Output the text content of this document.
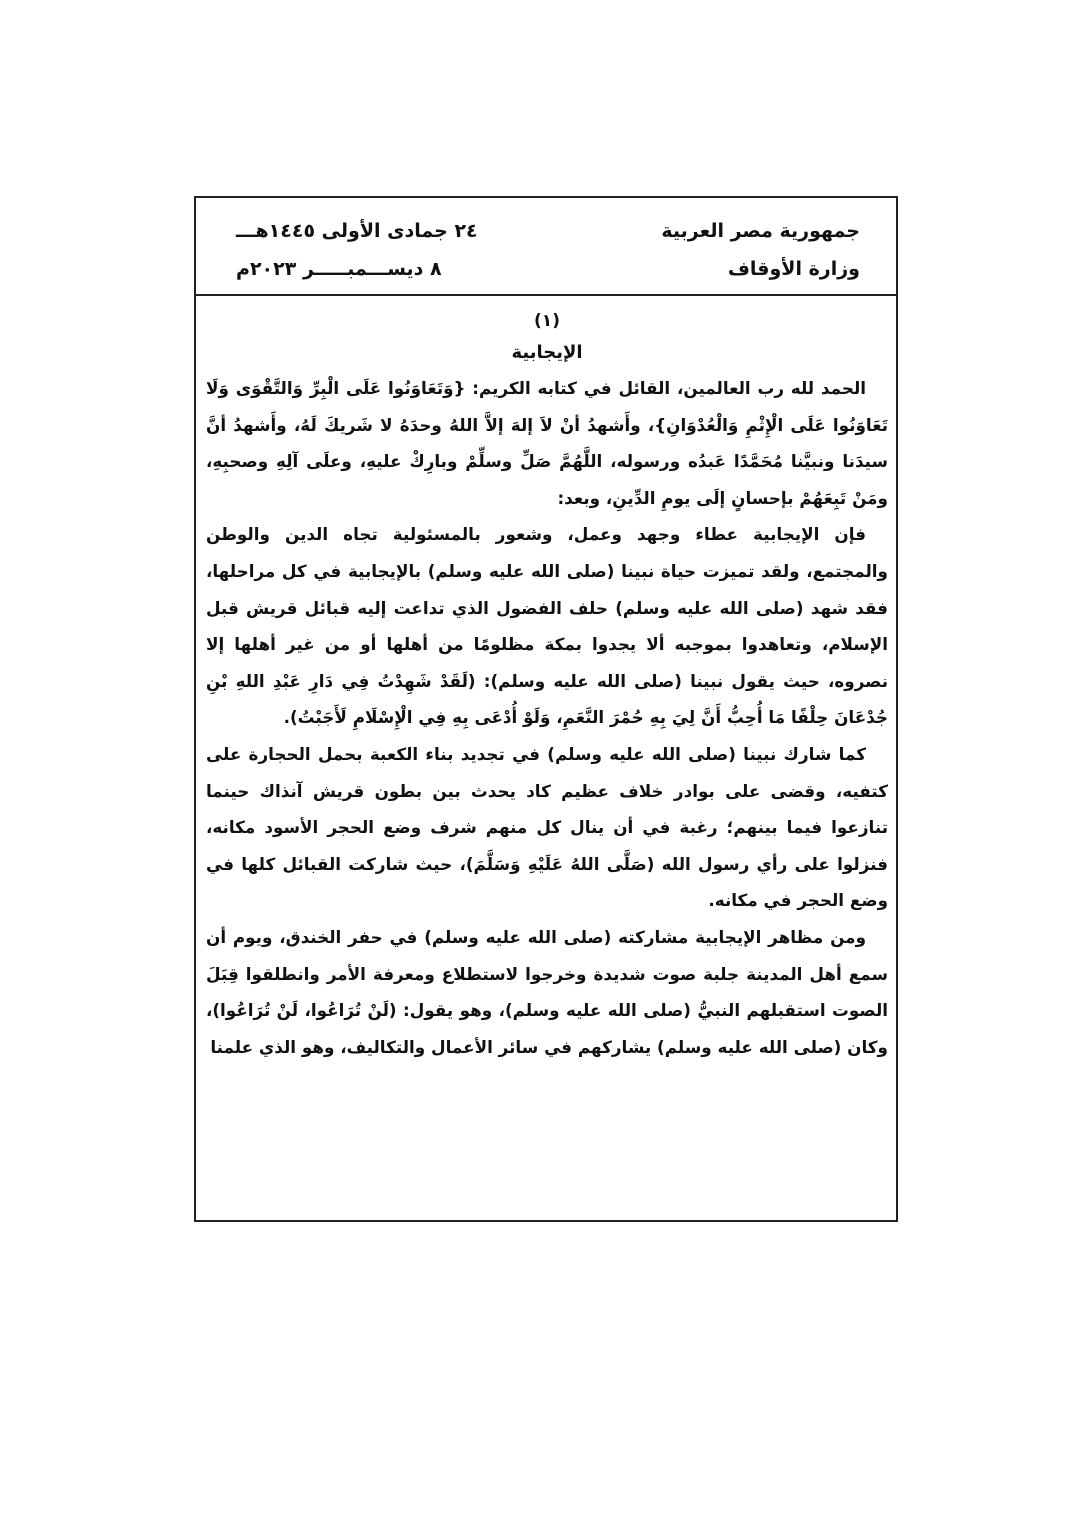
جمهورية مصر العربية
وزارة الأوقاف
٢٤ جمادى الأولى ١٤٤٥هـــ
٨ ديســـمبـــــر ٢٠٢٣م
(١)
الإيجابية

الحمد لله رب العالمين، القائل في كتابه الكريم: {وَتَعَاوَنُوا عَلَى الْبِرِّ وَالتَّقْوَى وَلَا تَعَاوَنُوا عَلَى الْإِثْمِ وَالْعُدْوَانِ}، وأَشهدُ أنْ لاَ إلهَ إلاَّ اللهُ وحدَهُ لا شَريكَ لَهُ، وأَشهدُ أنَّ سيدَنا ونبيَّنا مُحَمَّدًا عَبدُه ورسوله، اللَّهُمَّ صَلِّ وسلِّمْ وبارِكْ عليهِ، وعلَى آلِهِ وصحبِهِ، ومَنْ تَبِعَهُمْ بإحسانٍ إلَى يومِ الدِّينِ، وبعد:

فإن الإيجابية عطاء وجهد وعمل، وشعور بالمسئولية تجاه الدين والوطن والمجتمع، ولقد تميزت حياة نبينا (صلى الله عليه وسلم) بالإيجابية في كل مراحلها، فقد شهد (صلى الله عليه وسلم) حلف الفضول الذي تداعت إليه قبائل قريش قبل الإسلام، وتعاهدوا بموجبه ألا يجدوا بمكة مظلومًا من أهلها أو من غير أهلها إلا نصروه، حيث يقول نبينا (صلى الله عليه وسلم): (لَقَدْ شَهِدْتُ فِي دَارِ عَبْدِ اللهِ بْنِ جُدْعَانَ حِلْفًا مَا أُحِبُّ أَنَّ لِيَ بِهِ حُمْرَ النَّعَمِ، وَلَوْ أُدْعَى بِهِ فِي الْإِسْلَامِ لَأَجَبْتُ).

كما شارك نبينا (صلى الله عليه وسلم) في تجديد بناء الكعبة بحمل الحجارة على كتفيه، وقضى على بوادر خلاف عظيم كاد يحدث بين بطون قريش آنذاك حينما تنازعوا فيما بينهم؛ رغبة في أن ينال كل منهم شرف وضع الحجر الأسود مكانه، فنزلوا على رأي رسول الله (صَلَّى اللهُ عَلَيْهِ وَسَلَّمَ)، حيث شاركت القبائل كلها في وضع الحجر في مكانه.

ومن مظاهر الإيجابية مشاركته (صلى الله عليه وسلم) في حفر الخندق، ويوم أن سمع أهل المدينة جلبة صوت شديدة وخرجوا لاستطلاع ومعرفة الأمر وانطلقوا قِبَلَ الصوت استقبلهم النبيُّ (صلى الله عليه وسلم)، وهو يقول: (لَنْ تُرَاعُوا، لَنْ تُرَاعُوا)، وكان (صلى الله عليه وسلم) يشاركهم في سائر الأعمال والتكاليف، وهو الذي علمنا
